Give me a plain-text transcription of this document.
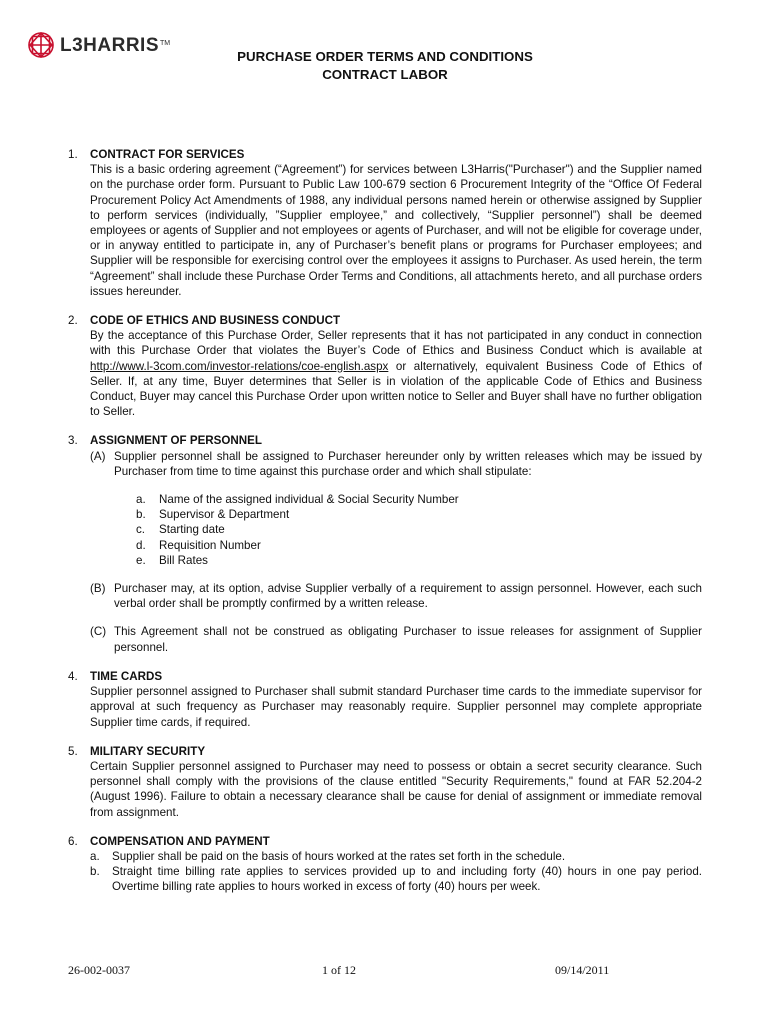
L3HARRIS TM

PURCHASE ORDER TERMS AND CONDITIONS

CONTRACT LABOR

1. CONTRACT FOR SERVICES
This is a basic ordering agreement (“Agreement”) for services between L3Harris("Purchaser") and the Supplier named on the purchase order form. Pursuant to Public Law 100-679 section 6 Procurement Integrity of the “Office Of Federal Procurement Policy Act Amendments of 1988, any individual persons named herein or otherwise assigned by Supplier to perform services (individually, ”Supplier employee,” and collectively, “Supplier personnel”) shall be deemed employees or agents of Supplier and not employees or agents of Purchaser, and will not be eligible for coverage under, or in anyway entitled to participate in, any of Purchaser’s benefit plans or programs for Purchaser employees; and Supplier will be responsible for exercising control over the employees it assigns to Purchaser. As used herein, the term “Agreement” shall include these Purchase Order Terms and Conditions, all attachments hereto, and all purchase orders issues hereunder.
2. CODE OF ETHICS AND BUSINESS CONDUCT
By the acceptance of this Purchase Order, Seller represents that it has not participated in any conduct in connection with this Purchase Order that violates the Buyer’s Code of Ethics and Business Conduct which is available at http://www.l-3com.com/investor-relations/coe-english.aspx or alternatively, equivalent Business Code of Ethics of Seller. If, at any time, Buyer determines that Seller is in violation of the applicable Code of Ethics and Business Conduct, Buyer may cancel this Purchase Order upon written notice to Seller and Buyer shall have no further obligation to Seller.
3. ASSIGNMENT OF PERSONNEL
(A) Supplier personnel shall be assigned to Purchaser hereunder only by written releases which may be issued by Purchaser from time to time against this purchase order and which shall stipulate:
a. Name of the assigned individual & Social Security Number
b. Supervisor & Department
c. Starting date
d. Requisition Number
e. Bill Rates
(B) Purchaser may, at its option, advise Supplier verbally of a requirement to assign personnel. However, each such verbal order shall be promptly confirmed by a written release.
(C) This Agreement shall not be construed as obligating Purchaser to issue releases for assignment of Supplier personnel.
4. TIME CARDS
Supplier personnel assigned to Purchaser shall submit standard Purchaser time cards to the immediate supervisor for approval at such frequency as Purchaser may reasonably require. Supplier personnel may complete appropriate Supplier time cards, if required.
5. MILITARY SECURITY
Certain Supplier personnel assigned to Purchaser may need to possess or obtain a secret security clearance. Such personnel shall comply with the provisions of the clause entitled "Security Requirements," found at FAR 52.204-2 (August 1996). Failure to obtain a necessary clearance shall be cause for denial of assignment or immediate removal from assignment.
6. COMPENSATION AND PAYMENT
a. Supplier shall be paid on the basis of hours worked at the rates set forth in the schedule.
b. Straight time billing rate applies to services provided up to and including forty (40) hours in one pay period. Overtime billing rate applies to hours worked in excess of forty (40) hours per week.
26-002-0037	1 of 12	09/14/2011
